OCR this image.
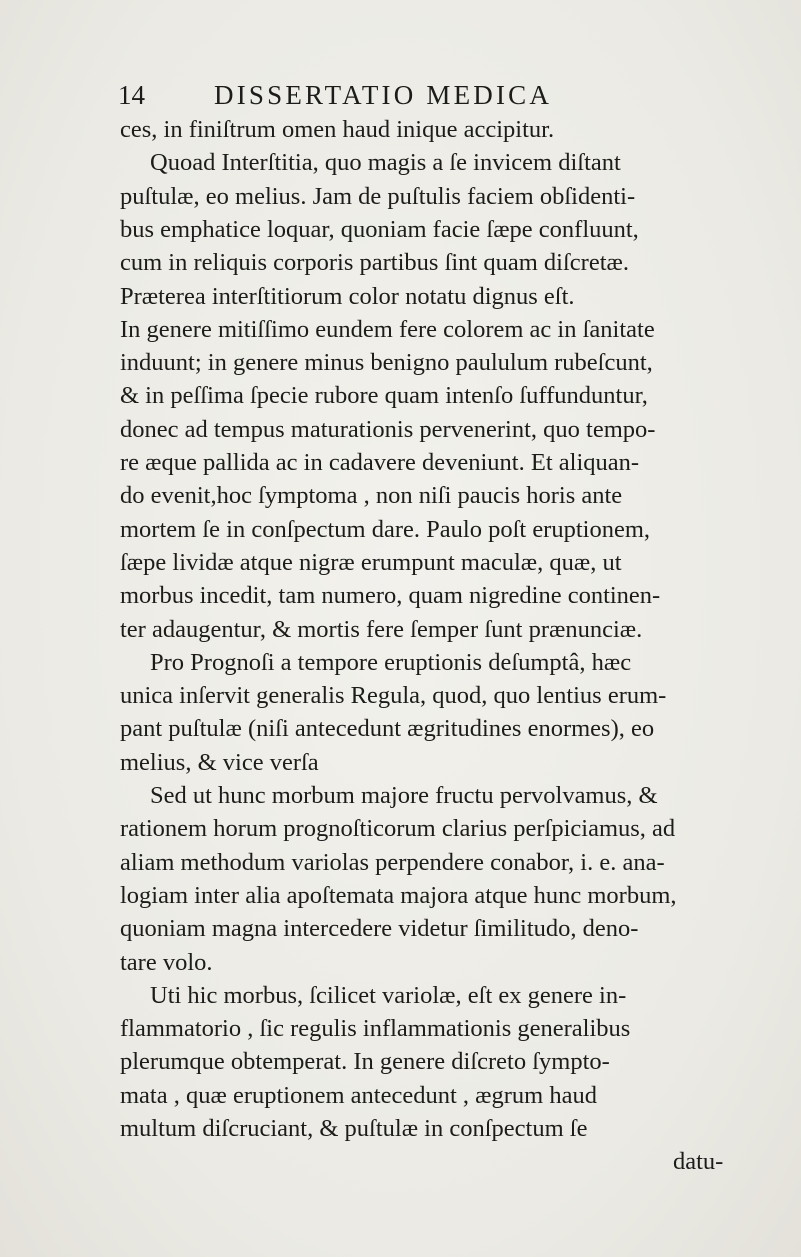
14	DISSERTATIO MEDICA
ces, in finiſtrum omen haud inique accipitur.
Quoad Interſtitia, quo magis a ſe invicem diſtant
puſtulæ, eo melius. Jam de puſtulis faciem obſidenti-
bus emphatice loquar, quoniam facie ſæpe confluunt,
cum in reliquis corporis partibus ſint quam diſcretæ.
Præterea interſtitiorum color notatu dignus eſt.
In genere mitiſſimo eundem fere colorem ac in ſanitate
induunt; in genere minus benigno paululum rubeſcunt,
& in peſſima ſpecie rubore quam intenſo ſuffunduntur,
donec ad tempus maturationis pervenerint, quo tempo-
re æque pallida ac in cadavere deveniunt. Et aliquan-
do evenit,hoc ſymptoma , non niſi paucis horis ante
mortem ſe in conſpectum dare. Paulo poſt eruptionem,
ſæpe lividæ atque nigræ erumpunt maculæ, quæ, ut
morbus incedit, tam numero, quam nigredine continen-
ter adaugentur, & mortis fere ſemper ſunt prænunciæ.
Pro Prognoſi a tempore eruptionis deſumptâ, hæc
unica inſervit generalis Regula, quod, quo lentius erum-
pant puſtulæ (niſi antecedunt ægritudines enormes), eo
melius, & vice verſa
Sed ut hunc morbum majore fructu pervolvamus, &
rationem horum prognoſticorum clarius perſpiciamus, ad
aliam methodum variolas perpendere conabor, i. e. ana-
logiam inter alia apoſtemata majora atque hunc morbum,
quoniam magna intercedere videtur ſimilitudo, deno-
tare volo.
Uti hic morbus, ſcilicet variolæ, eſt ex genere in-
flammatorio , ſic regulis inflammationis generalibus
plerumque obtemperat. In genere diſcreto ſympto-
mata , quæ eruptionem antecedunt , ægrum haud
multum diſcruciant, & puſtulæ in conſpectum ſe
datu-
